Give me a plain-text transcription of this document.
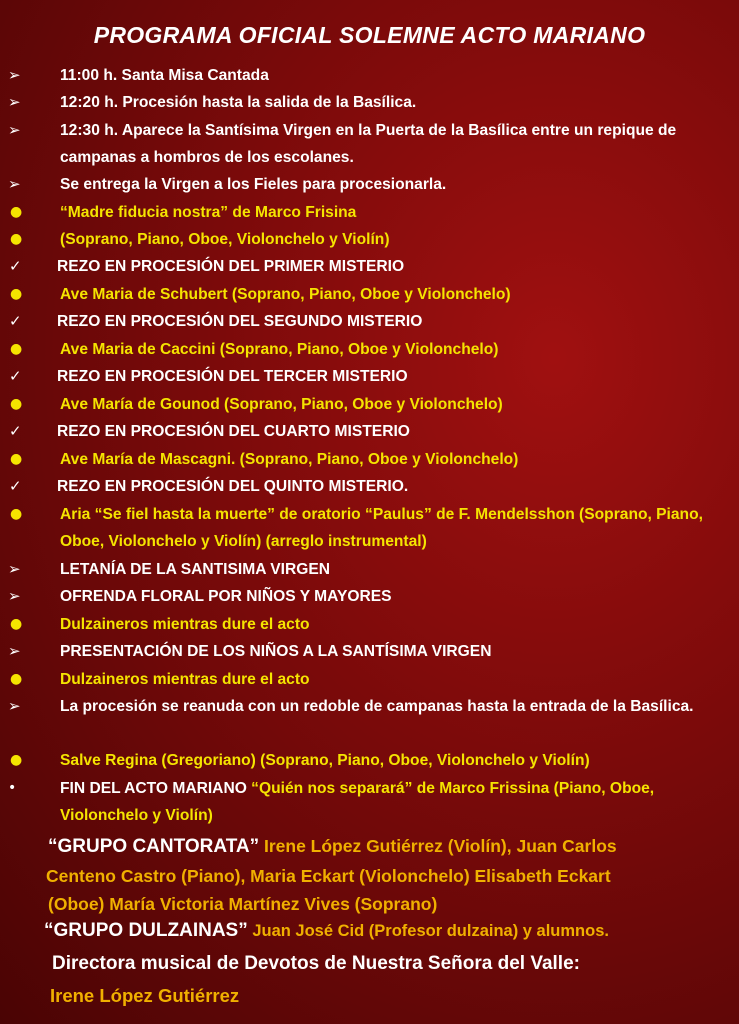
PROGRAMA OFICIAL SOLEMNE ACTO MARIANO
➢	11:00 h. Santa Misa Cantada
➢	12:20 h. Procesión hasta la salida de la Basílica.
➢	12:30 h. Aparece la Santísima Virgen en la Puerta de la Basílica entre un repique de campanas a hombros de los escolanes.
➢	Se entrega la Virgen a los Fieles para procesionarla.
● “Madre fiducia nostra” de Marco Frisina
● (Soprano, Piano, Oboe, Violonchelo y Violín)
✓ REZO EN PROCESIÓN DEL PRIMER MISTERIO
● Ave Maria de Schubert (Soprano, Piano, Oboe y Violonchelo)
✓ REZO EN PROCESIÓN DEL SEGUNDO MISTERIO
● Ave Maria de Caccini (Soprano, Piano, Oboe y Violonchelo)
✓ REZO EN PROCESIÓN DEL TERCER MISTERIO
● Ave María de Gounod (Soprano, Piano, Oboe y Violonchelo)
✓ REZO EN PROCESIÓN DEL CUARTO MISTERIO
● Ave María de Mascagni. (Soprano, Piano, Oboe y Violonchelo)
✓ REZO EN PROCESIÓN DEL QUINTO MISTERIO.
● Aria “Se fiel hasta la muerte” de oratorio “Paulus” de F. Mendelsshon (Soprano, Piano, Oboe, Violonchelo y Violín) (arreglo instrumental)
➢	LETANÍA DE LA SANTISIMA VIRGEN
➢	OFRENDA FLORAL POR NIÑOS Y MAYORES
● Dulzaineros mientras dure el acto
➢	PRESENTACIÓN DE LOS NIÑOS A LA SANTÍSIMA VIRGEN
● Dulzaineros mientras dure el acto
➢	La procesión se reanuda con un redoble de campanas hasta la entrada de la Basílica.
● Salve Regina (Gregoriano) (Soprano, Piano, Oboe, Violonchelo y Violín)
•	FIN DEL ACTO MARIANO “Quién nos separará” de Marco Frissina (Piano, Oboe, Violonchelo y Violín)
“GRUPO CANTORATA” Irene López Gutiérrez (Violín), Juan Carlos
Centeno Castro (Piano), Maria Eckart (Violonchelo) Elisabeth Eckart
(Oboe) María Victoria Martínez Vives (Soprano)
“GRUPO DULZAINAS” Juan José Cid (Profesor dulzaina) y alumnos.
Directora musical de Devotos de Nuestra Señora del Valle:
Irene López Gutiérrez
